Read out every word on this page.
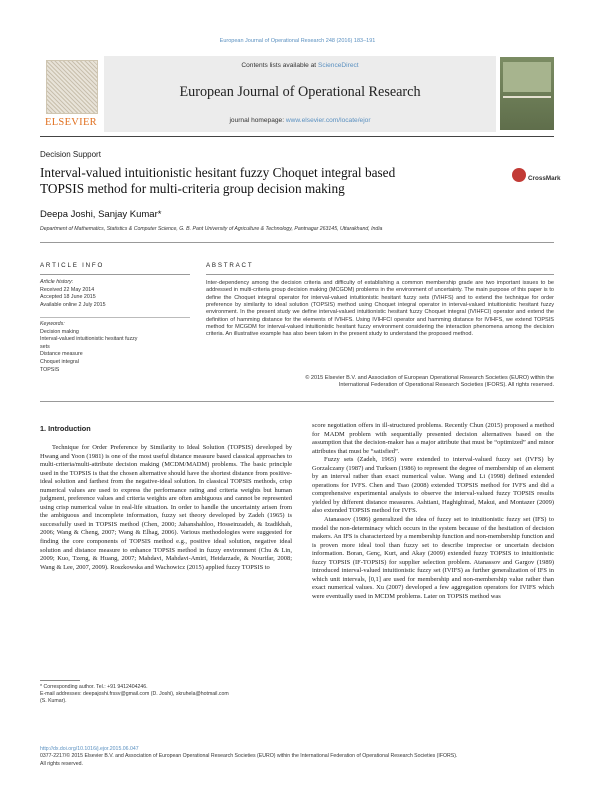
European Journal of Operational Research 248 (2016) 183–191
ELSEVIER
Contents lists available at ScienceDirect
European Journal of Operational Research
journal homepage: www.elsevier.com/locate/ejor
Decision Support
Interval-valued intuitionistic hesitant fuzzy Choquet integral based
TOPSIS method for multi-criteria group decision making
CrossMark
Deepa Joshi, Sanjay Kumar*
Department of Mathematics, Statistics & Computer Science, G. B. Pant University of Agriculture & Technology, Pantnagar 263145, Uttarakhand, India
ARTICLE INFO	ABSTRACT
Article history:
Received 22 May 2014
Accepted 18 June 2015
Available online 2 July 2015
Keywords:
Decision making
Interval-valued intuitionistic hesitant fuzzy
sets
Distance measure
Choquet integral
TOPSIS
Inter-dependency among the decision criteria and difficulty of establishing a common membership grade are two important issues to be addressed in multi-criteria group decision making (MCGDM) problems in the environment of uncertainty. The main purpose of this paper is to define the Choquet integral operator for interval-valued intuitionistic hesitant fuzzy sets (IVIHFS) and to extend the technique for order preference by similarity to ideal solution (TOPSIS) method using Choquet integral operator in interval-valued intuitionistic hesitant fuzzy environment. In the present study we define interval-valued intuitionistic hesitant fuzzy Choquet integral (IVIHFCI) operator and extend the definition of hamming distance for the elements of IVIHFS. Using IVIHFCI operator and hamming distance for IVIHFS, we extend TOPSIS method for MCGDM for interval-valued intuitionistic hesitant fuzzy environment considering the interaction phenomena among the decision criteria. An illustrative example has also been taken in the present study to understand the proposed method.
© 2015 Elsevier B.V. and Association of European Operational Research Societies (EURO) within the
International Federation of Operational Research Societies (IFORS). All rights reserved.
1. Introduction

Technique for Order Preference by Similarity to Ideal Solution (TOPSIS) developed by Hwang and Yoon (1981) is one of the most useful distance measure based classical approaches to multi-criteria/multi-attribute decision making (MCDM/MADM) problems. The basic principle used in the TOPSIS is that the chosen alternative should have the shortest distance from positive-ideal solution and farthest from the negative-ideal solution. In classical TOPSIS methods, crisp numerical values are used to express the performance rating and criteria weights but human judgment, preference values and criteria weights are often ambiguous and cannot be represented using crisp numerical value in real-life situation. In order to handle the uncertainty arisen from the ambiguous and incomplete information, fuzzy set theory developed by Zadeh (1965) is successfully used in TOPSIS method (Chen, 2000; Jahanshahloo, Hosseinzadeh, & Izadikhah, 2006; Wang & Cheng, 2007; Wang & Elhag, 2006). Various methodologies were suggested for finding the core components of TOPSIS method e.g., positive ideal solution, negative ideal solution and distance measure to enhance TOPSIS method in fuzzy environment (Chu & Lin, 2009; Kuo, Tzeng, & Huang, 2007; Mahdavi, Mahdavi-Amiri, Heidarzade, & Nourifar, 2008; Wang & Lee, 2007, 2009). Roszkowska and Wachowicz (2015) applied fuzzy TOPSIS to

score negotiation offers in ill-structured problems. Recently Chun (2015) proposed a method for MADM problem with sequentially presented decision alternatives based on the assumption that the decision-maker has a major attribute that must be “optimized” and minor attributes that must be “satisfied”.

Fuzzy sets (Zadeh, 1965) were extended to interval-valued fuzzy set (IVFS) by Gorzalczany (1987) and Turksen (1986) to represent the degree of membership of an element by an interval rather than exact numerical value. Wang and Li (1998) defined extended operations for IVFS. Chen and Tsao (2008) extended TOPSIS method for IVFS and did a comprehensive experimental analysis to observe the interval-valued fuzzy TOPSIS results yielded by different distance measures. Ashtiani, Haghighirad, Makui, and Montazer (2009) also extended TOPSIS method for IVFS.

Atanassov (1986) generalized the idea of fuzzy set to intuitionistic fuzzy set (IFS) to model the non-determinacy which occurs in the system because of the hesitation of decision makers. An IFS is characterized by a membership function and non-membership function and is proven more ideal tool than fuzzy set to describe imprecise or uncertain decision information. Boran, Genç, Kurt, and Akay (2009) extended fuzzy TOPSIS to intuitionistic fuzzy TOPSIS (IF-TOPSIS) for supplier selection problem. Atanassov and Gargov (1989) introduced interval-valued intuitionistic fuzzy set (IVIFS) as further generalization of IFS in which unit intervals, [0,1] are used for membership and non-membership value rather than exact numerical values. Xu (2007) developed a few aggregation operators for IVIFS which were eventually used in MCDM problems. Later on TOPSIS method was

* Corresponding author. Tel.: +91 9412404246.
E-mail addresses: deepajoshi.frssv@gmail.com (D. Joshi), skruhela@hotmail.com
(S. Kumar).
http://dx.doi.org/10.1016/j.ejor.2015.06.047
0377-2217/© 2015 Elsevier B.V. and Association of European Operational Research Societies (EURO) within the International Federation of Operational Research Societies (IFORS).
All rights reserved.
